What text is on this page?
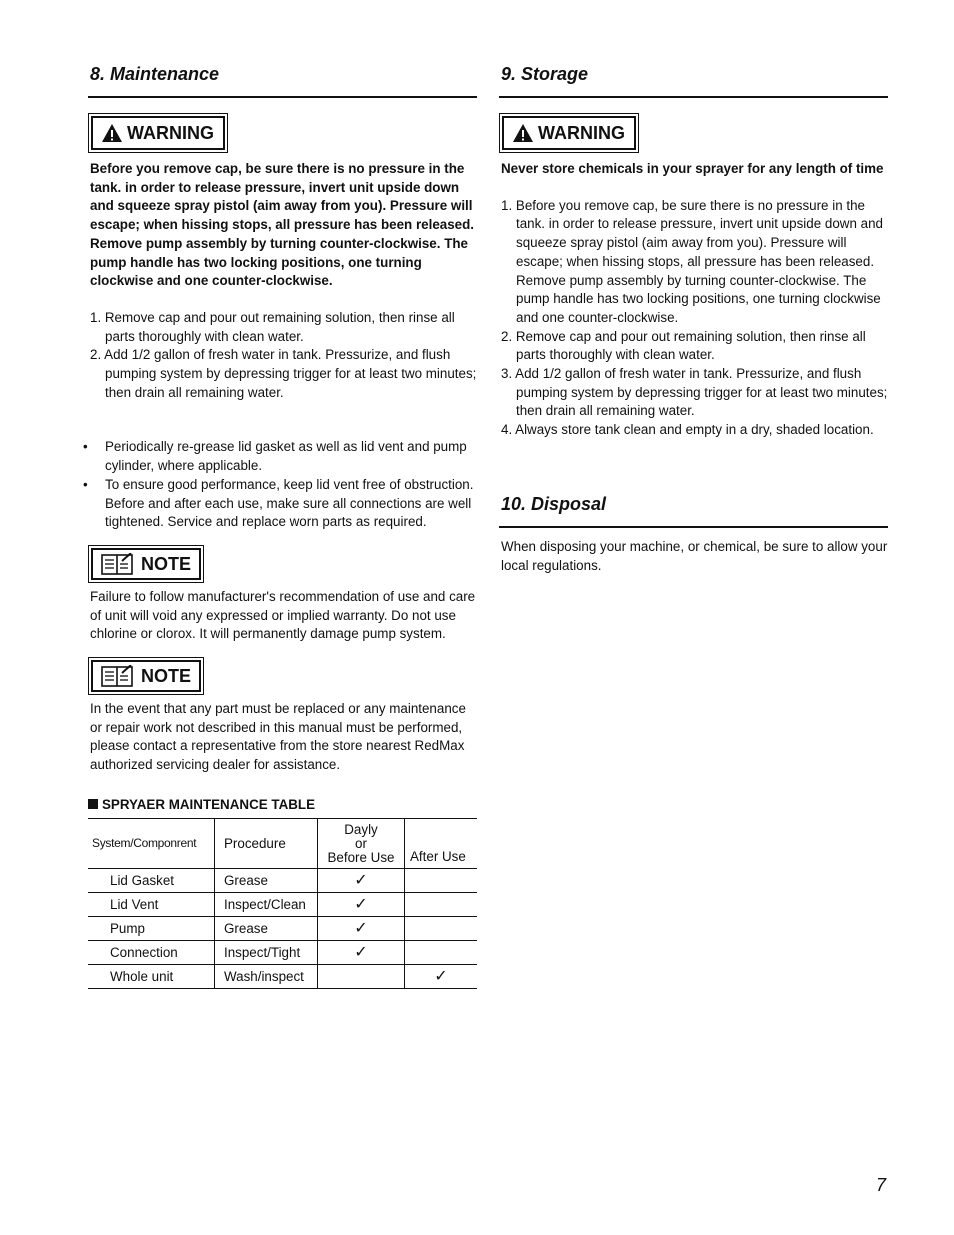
8. Maintenance
WARNING

Before you remove cap, be sure there is no pressure in the tank. in order to release pressure, invert unit upside down and squeeze spray pistol (aim away from you). Pressure will escape; when hissing stops, all pressure has been released. Remove pump assembly by turning counter-clockwise. The pump handle has two locking positions, one turning clockwise and one counter-clockwise.

1. Remove cap and pour out remaining solution, then rinse all parts thoroughly with clean water.
2. Add 1/2 gallon of fresh water in tank. Pressurize, and flush pumping system by depressing trigger for at least two minutes; then drain all remaining water.
• Periodically re-grease lid gasket as well as lid vent and pump cylinder, where applicable.
• To ensure good performance, keep lid vent free of obstruction. Before and after each use, make sure all connections are well tightened. Service and replace worn parts as required.
NOTE

Failure to follow manufacturer's recommendation of use and care of unit will void any expressed or implied warranty. Do not use chlorine or clorox. It will permanently damage pump system.

NOTE

In the event that any part must be replaced or any maintenance or repair work not described in this manual must be performed, please contact a representative from the store nearest RedMax authorized servicing dealer for assistance.

SPRYAER MAINTENANCE TABLE
System/Componrent	Procedure	Dayly
or
Before Use	After Use
Lid Gasket	Grease	✓	
Lid Vent	Inspect/Clean	✓	
Pump	Grease	✓	
Connection	Inspect/Tight	✓	
Whole unit	Wash/inspect		✓
9. Storage
WARNING

Never store chemicals in your sprayer for any length of time

1. Before you remove cap, be sure there is no pressure in the tank. in order to release pressure, invert unit upside down and squeeze spray pistol (aim away from you). Pressure will escape; when hissing stops, all pressure has been released. Remove pump assembly by turning counter-clockwise. The pump handle has two locking positions, one turning clockwise and one counter-clockwise.
2. Remove cap and pour out remaining solution, then rinse all parts thoroughly with clean water.
3. Add 1/2 gallon of fresh water in tank. Pressurize, and flush pumping system by depressing trigger for at least two minutes; then drain all remaining water.
4. Always store tank clean and empty in a dry, shaded location.
10. Disposal

When disposing your machine, or chemical, be sure to allow your local regulations.

7
